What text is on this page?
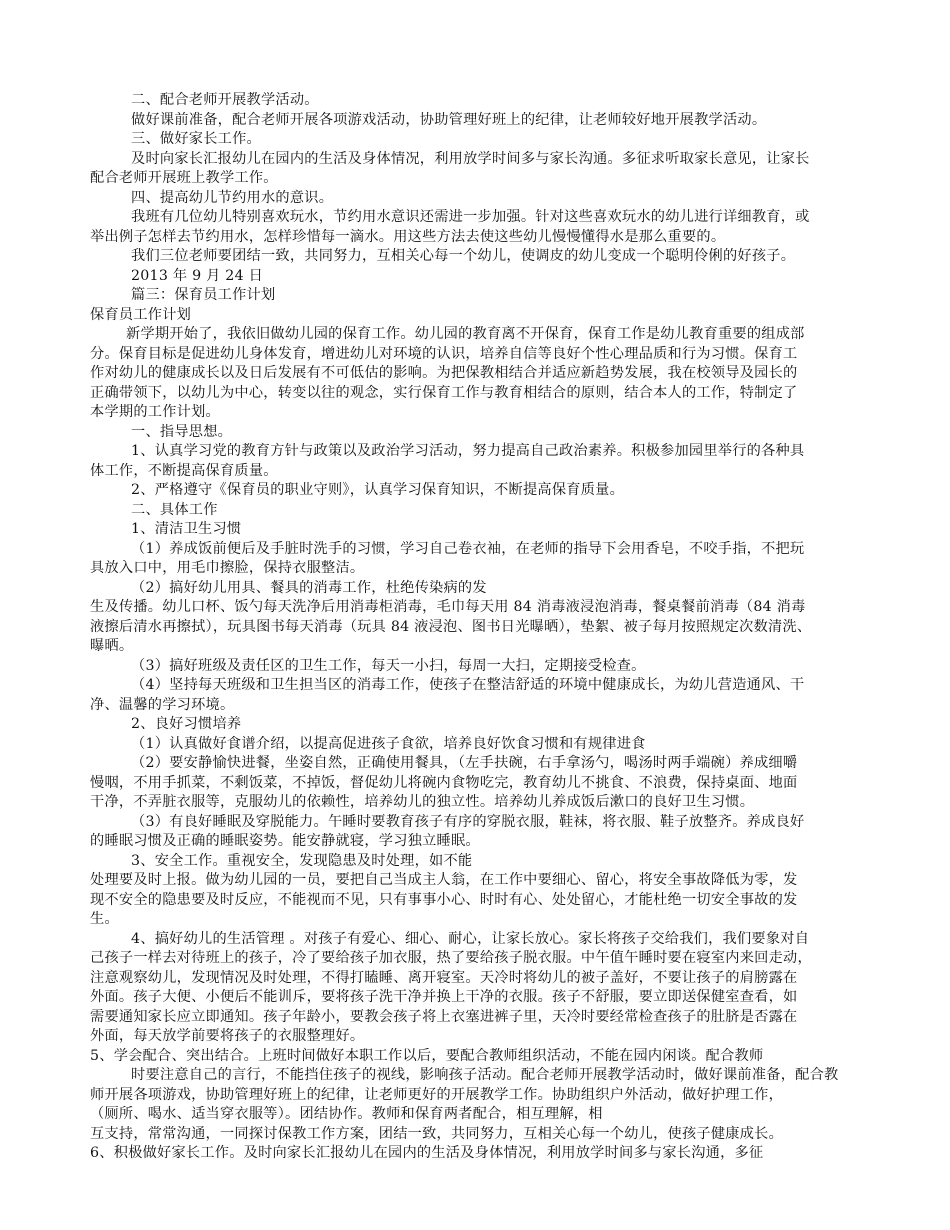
二、配合老师开展教学活动。
做好课前准备，配合老师开展各项游戏活动，协助管理好班上的纪律，让老师较好地开展教学活动。
三、做好家长工作。
及时向家长汇报幼儿在园内的生活及身体情况，利用放学时间多与家长沟通。多征求听取家长意见，让家长
配合老师开展班上教学工作。
四、提高幼儿节约用水的意识。
我班有几位幼儿特别喜欢玩水，节约用水意识还需进一步加强。针对这些喜欢玩水的幼儿进行详细教育，或
举出例子怎样去节约用水，怎样珍惜每一滴水。用这些方法去使这些幼儿慢慢懂得水是那么重要的。
我们三位老师要团结一致，共同努力，互相关心每一个幼儿，使调皮的幼儿变成一个聪明伶俐的好孩子。
2013 年 9 月 24 日
篇三：保育员工作计划
保育员工作计划
新学期开始了，我依旧做幼儿园的保育工作。幼儿园的教育离不开保育，保育工作是幼儿教育重要的组成部
分。保育目标是促进幼儿身体发育，增进幼儿对环境的认识，培养自信等良好个性心理品质和行为习惯。保育工
作对幼儿的健康成长以及日后发展有不可低估的影响。为把保教相结合并适应新趋势发展，我在校领导及园长的
正确带领下，以幼儿为中心，转变以往的观念，实行保育工作与教育相结合的原则，结合本人的工作，特制定了
本学期的工作计划。
一、指导思想。
1、认真学习党的教育方针与政策以及政治学习活动，努力提高自己政治素养。积极参加园里举行的各种具
体工作，不断提高保育质量。
2、严格遵守《保育员的职业守则》，认真学习保育知识，不断提高保育质量。
二、具体工作
1、清洁卫生习惯
（1）养成饭前便后及手脏时洗手的习惯，学习自己卷衣袖，在老师的指导下会用香皂，不咬手指，不把玩
具放入口中，用毛巾擦脸，保持衣服整洁。
（2）搞好幼儿用具、餐具的消毒工作，杜绝传染病的发
生及传播。幼儿口杯、饭勺每天洗净后用消毒柜消毒，毛巾每天用 84 消毒液浸泡消毒，餐桌餐前消毒（84 消毒
液擦后清水再擦拭），玩具图书每天消毒（玩具 84 液浸泡、图书日光曝晒），垫絮、被子每月按照规定次数清洗、
曝晒。
（3）搞好班级及责任区的卫生工作，每天一小扫，每周一大扫，定期接受检查。
（4）坚持每天班级和卫生担当区的消毒工作，使孩子在整洁舒适的环境中健康成长，为幼儿营造通风、干
净、温馨的学习环境。
2、良好习惯培养
（1）认真做好食谱介绍，以提高促进孩子食欲，培养良好饮食习惯和有规律进食
（2）要安静愉快进餐，坐姿自然，正确使用餐具，（左手扶碗，右手拿汤勺，喝汤时两手端碗）养成细嚼
慢咽，不用手抓菜，不剩饭菜，不掉饭，督促幼儿将碗内食物吃完，教育幼儿不挑食、不浪费，保持桌面、地面
干净，不弄脏衣服等，克服幼儿的依赖性，培养幼儿的独立性。培养幼儿养成饭后漱口的良好卫生习惯。
（3）有良好睡眠及穿脱能力。午睡时要教育孩子有序的穿脱衣服，鞋袜，将衣服、鞋子放整齐。养成良好
的睡眠习惯及正确的睡眠姿势。能安静就寝，学习独立睡眠。
3、安全工作。重视安全，发现隐患及时处理，如不能
处理要及时上报。做为幼儿园的一员，要把自己当成主人翁，在工作中要细心、留心，将安全事故降低为零，发
现不安全的隐患要及时反应，不能视而不见，只有事事小心、时时有心、处处留心，才能杜绝一切安全事故的发
生。
4、搞好幼儿的生活管理 。对孩子有爱心、细心、耐心，让家长放心。家长将孩子交给我们，我们要象对自
己孩子一样去对待班上的孩子，冷了要给孩子加衣服，热了要给孩子脱衣服。中午值午睡时要在寝室内来回走动，
注意观察幼儿，发现情况及时处理，不得打瞌睡、离开寝室。天冷时将幼儿的被子盖好，不要让孩子的肩膀露在
外面。孩子大便、小便后不能训斥，要将孩子洗干净并换上干净的衣服。孩子不舒服，要立即送保健室查看，如
需要通知家长应立即通知。孩子年龄小，要教会孩子将上衣塞进裤子里，天冷时要经常检查孩子的肚脐是否露在
外面，每天放学前要将孩子的衣服整理好。
5、学会配合、突出结合。上班时间做好本职工作以后，要配合教师组织活动，不能在园内闲谈。配合教师
时要注意自己的言行，不能挡住孩子的视线，影响孩子活动。配合老师开展教学活动时，做好课前准备，配合教
师开展各项游戏，协助管理好班上的纪律，让老师更好的开展教学工作。协助组织户外活动，做好护理工作，
（厕所、喝水、适当穿衣服等）。团结协作。教师和保育两者配合，相互理解，相
互支持，常常沟通，一同探讨保教工作方案，团结一致，共同努力，互相关心每一个幼儿，使孩子健康成长。
6、积极做好家长工作。及时向家长汇报幼儿在园内的生活及身体情况，利用放学时间多与家长沟通，多征
